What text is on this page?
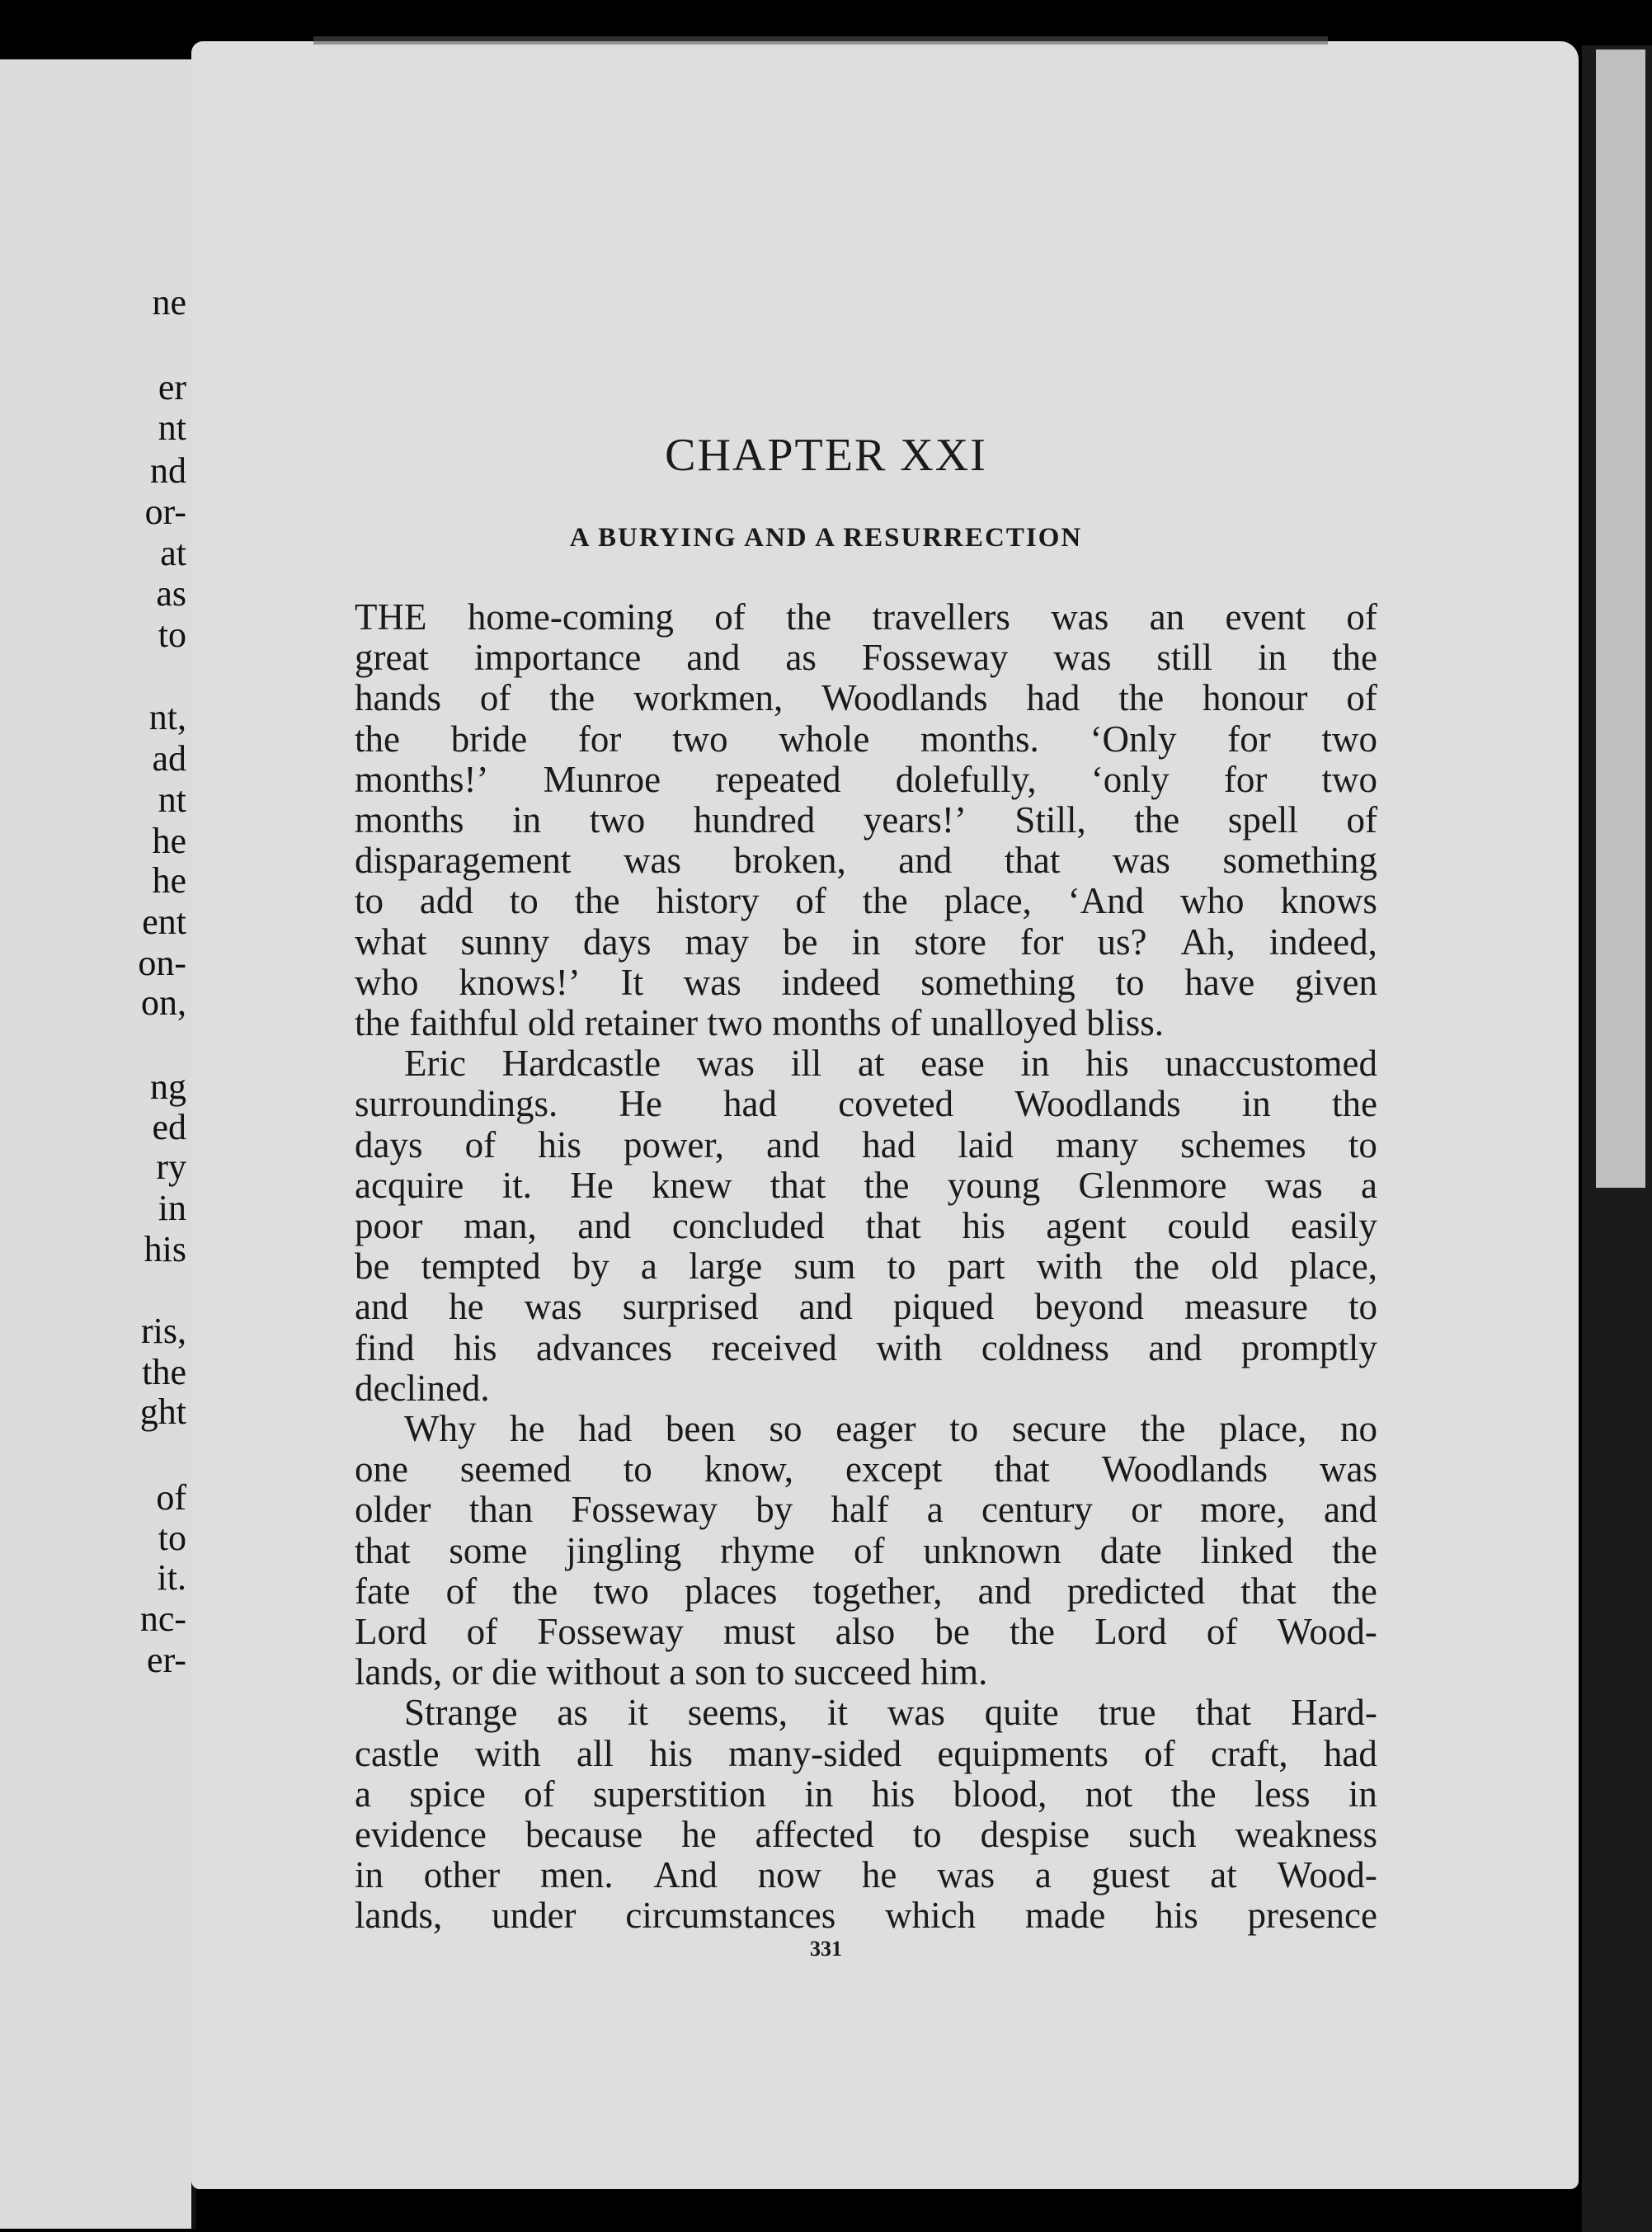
ne
er
nt
nd
or-
at
as
to
nt,
ad
nt
he
he
ent
on-
on,
ng
ed
ry
in
his
ris,
the
ght
of
to
it.
nc-
er-
CHAPTER XXI
A BURYING AND A RESURRECTION
THE home-coming of the travellers was an event of
great importance and as Fosseway was still in the
hands of the workmen, Woodlands had the honour of
the bride for two whole months. ‘Only for two
months!’ Munroe repeated dolefully, ‘only for two
months in two hundred years!’ Still, the spell of
disparagement was broken, and that was something
to add to the history of the place, ‘And who knows
what sunny days may be in store for us? Ah, indeed,
who knows!’ It was indeed something to have given
the faithful old retainer two months of unalloyed bliss.
Eric Hardcastle was ill at ease in his unaccustomed
surroundings. He had coveted Woodlands in the
days of his power, and had laid many schemes to
acquire it. He knew that the young Glenmore was a
poor man, and concluded that his agent could easily
be tempted by a large sum to part with the old place,
and he was surprised and piqued beyond measure to
find his advances received with coldness and promptly
declined.
Why he had been so eager to secure the place, no
one seemed to know, except that Woodlands was
older than Fosseway by half a century or more, and
that some jingling rhyme of unknown date linked the
fate of the two places together, and predicted that the
Lord of Fosseway must also be the Lord of Wood-
lands, or die without a son to succeed him.
Strange as it seems, it was quite true that Hard-
castle with all his many-sided equipments of craft, had
a spice of superstition in his blood, not the less in
evidence because he affected to despise such weakness
in other men. And now he was a guest at Wood-
lands, under circumstances which made his presence
331
